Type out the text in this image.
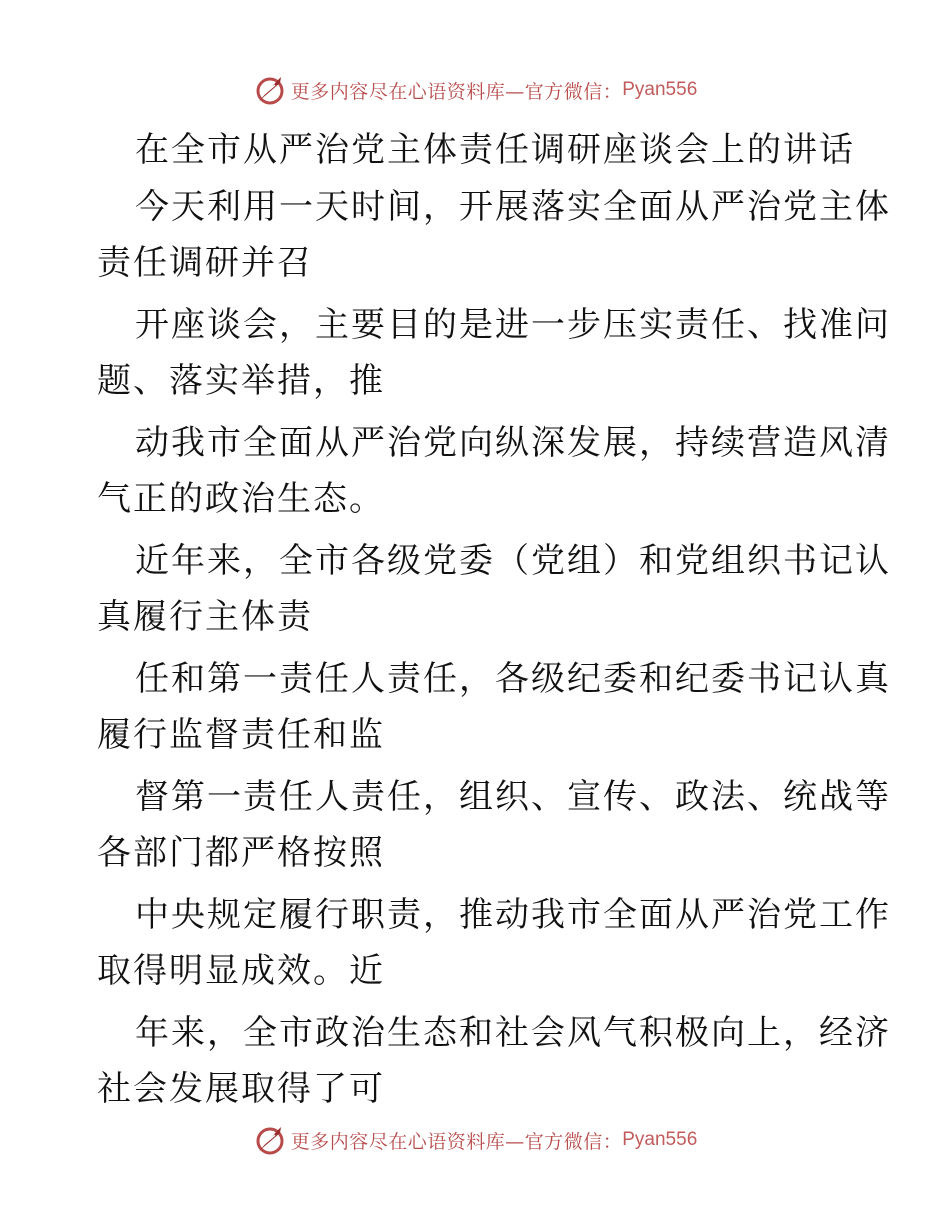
更多内容尽在心语资料库—官方微信： Pyan556
在全市从严治党主体责任调研座谈会上的讲话
今天利用一天时间，开展落实全面从严治党主体
责任调研并召
开座谈会，主要目的是进一步压实责任、找准问
题、落实举措，推
动我市全面从严治党向纵深发展，持续营造风清
气正的政治生态。
近年来，全市各级党委（党组）和党组织书记认
真履行主体责
任和第一责任人责任，各级纪委和纪委书记认真
履行监督责任和监
督第一责任人责任，组织、宣传、政法、统战等
各部门都严格按照
中央规定履行职责，推动我市全面从严治党工作
取得明显成效。近
年来，全市政治生态和社会风气积极向上，经济
社会发展取得了可
更多内容尽在心语资料库—官方微信： Pyan556
